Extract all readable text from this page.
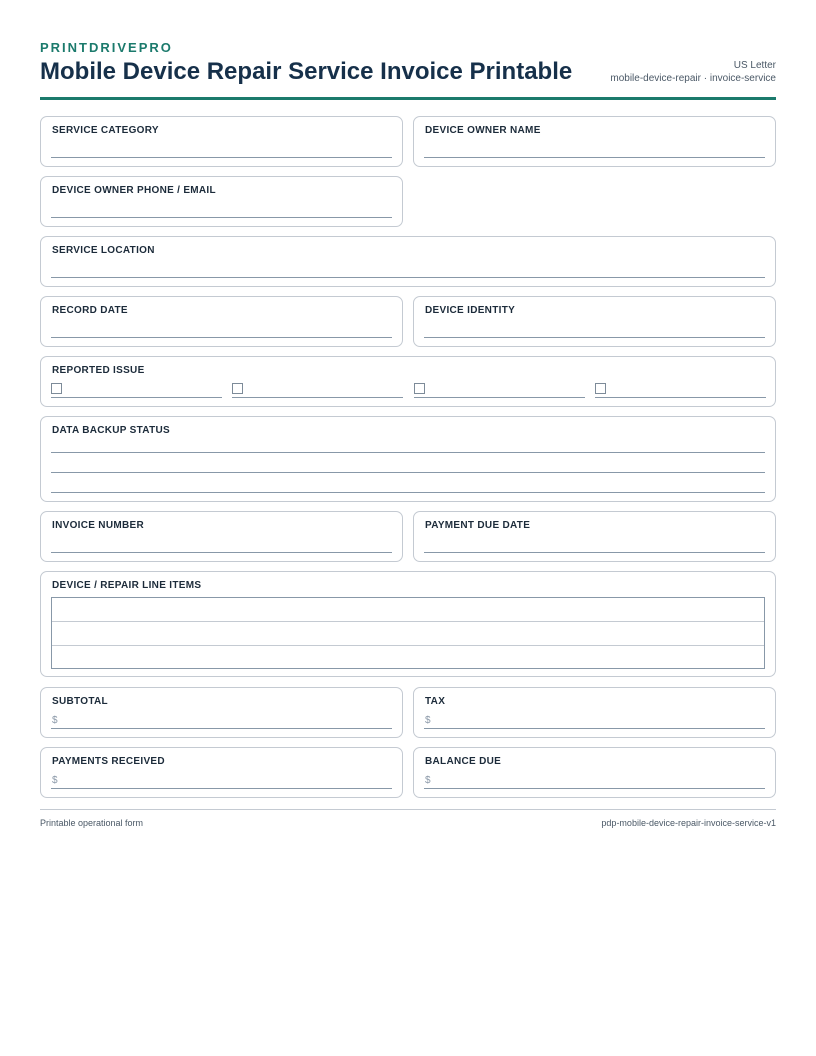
PRINTDRIVEPRO

Mobile Device Repair Service Invoice Printable	US Letter
mobile-device-repair · invoice-service
SERVICE CATEGORY	DEVICE OWNER NAME
DEVICE OWNER PHONE / EMAIL
SERVICE LOCATION
RECORD DATE	DEVICE IDENTITY
REPORTED ISSUE
DATA BACKUP STATUS
INVOICE NUMBER	PAYMENT DUE DATE
DEVICE / REPAIR LINE ITEMS
SUBTOTAL
$
TAX
$
PAYMENTS RECEIVED
$
BALANCE DUE
$
Printable operational form	pdp-mobile-device-repair-invoice-service-v1
